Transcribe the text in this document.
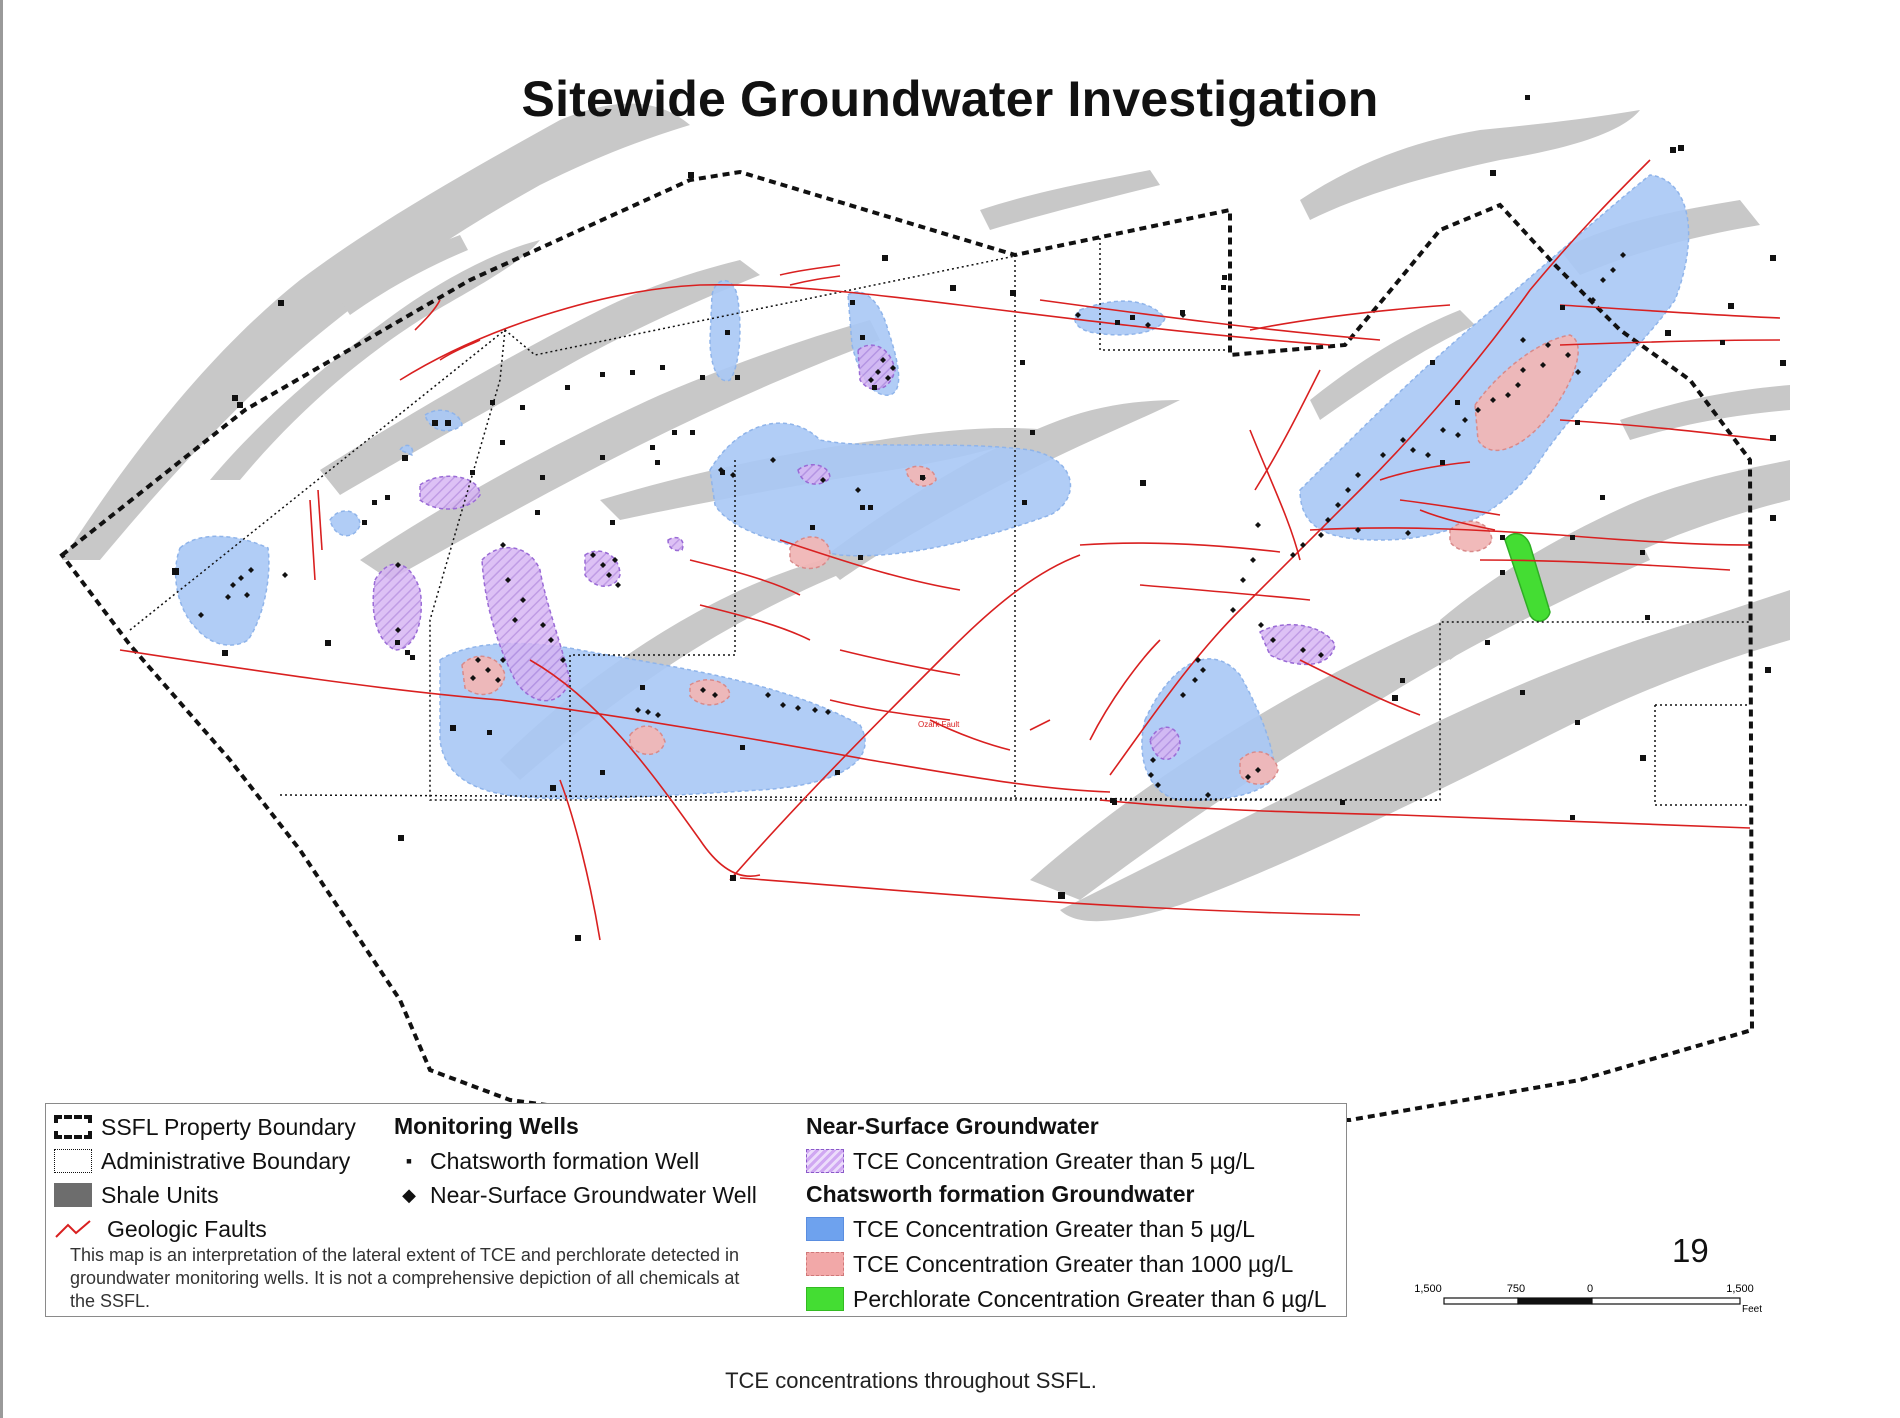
Ozark Fault
Sitewide Groundwater Investigation
SSFL Property Boundary
Administrative Boundary
Shale Units
Geologic Faults
This map is an interpretation of the lateral extent of TCE and perchlorate detected in groundwater monitoring wells. It is not a comprehensive depiction of all chemicals at the SSFL.
Monitoring Wells
▪ Chatsworth formation Well
◆ Near-Surface Groundwater Well
Near-Surface Groundwater
TCE Concentration Greater than 5 µg/L
Chatsworth formation Groundwater
TCE Concentration Greater than 5 µg/L
TCE Concentration Greater than 1000 µg/L
Perchlorate Concentration Greater than 6 µg/L
19
1,500	750	0	1,500
Feet
TCE concentrations throughout SSFL.
